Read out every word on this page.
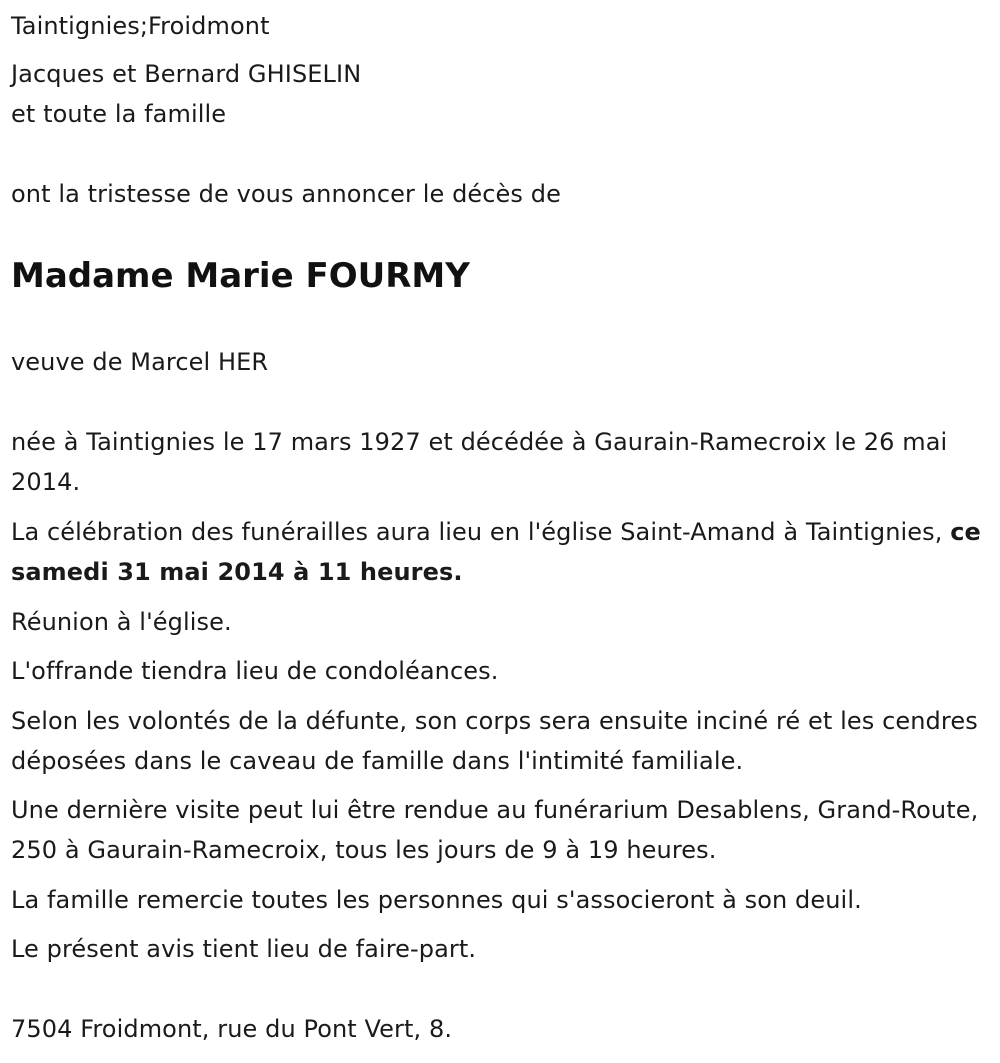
Taintignies;Froidmont
Jacques et Bernard GHISELIN
et toute la famille
ont la tristesse de vous annoncer le décès de
Madame Marie FOURMY
veuve de Marcel HER
née à Taintignies le 17 mars 1927 et décédée à Gaurain-Ramecroix le 26 mai 2014.
La célébration des funérailles aura lieu en l'église Saint-Amand à Taintignies, ce samedi 31 mai 2014 à 11 heures.
Réunion à l'église.
L'offrande tiendra lieu de condoléances.
Selon les volontés de la défunte, son corps sera ensuite inciné ré et les cendres déposées dans le caveau de famille dans l'intimité familiale.
Une dernière visite peut lui être rendue au funérarium Desablens, Grand-Route, 250 à Gaurain-Ramecroix, tous les jours de 9 à 19 heures.
La famille remercie toutes les personnes qui s'associeront à son deuil.
Le présent avis tient lieu de faire-part.
7504 Froidmont, rue du Pont Vert, 8.
